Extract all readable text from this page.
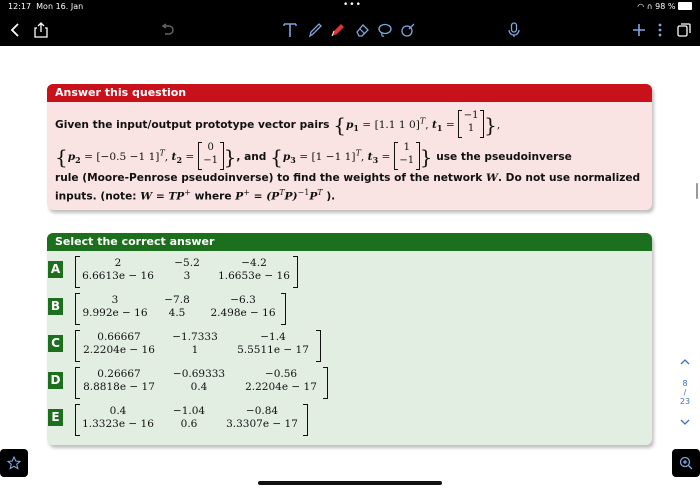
12:17 Mon 16. Jan	•••	◠ ∩ 98 %
Answer this question
Given the input/output prototype vector pairs {$p_1 = [1.1$ 1 0]$^T$, $t_1$ =
−1
1 },
{$p_2 = [-0.5 -1$ 1]$^T$, $t_2$ =
0
−1 }, and {$p_3 = [1 -1$ 1]$^T$, $t_3$ =
1
−1 } use the pseudoinverse
rule (Moore-Penrose pseudoinverse) to find the weights of the network W. Do not use normalized
inputs. (note: W = TP+ where $P^+ = (P^TP)^{-1}P^T$ ).
Select the correct answer
A	2	−5.2	−4.2
6.6613e − 16	3	1.6653e − 16
B	3	−7.8	−6.3
9.992e − 16	4.5	2.498e − 16
C	0.66667	−1.7333	−1.4
2.2204e − 16	1	5.5511e − 17
D	0.26667	−0.69333	−0.56
8.8818e − 17	0.4	2.2204e − 17
E	0.4	−1.04	−0.84
1.3323e − 16	0.6	3.3307e − 17
8
/
23
